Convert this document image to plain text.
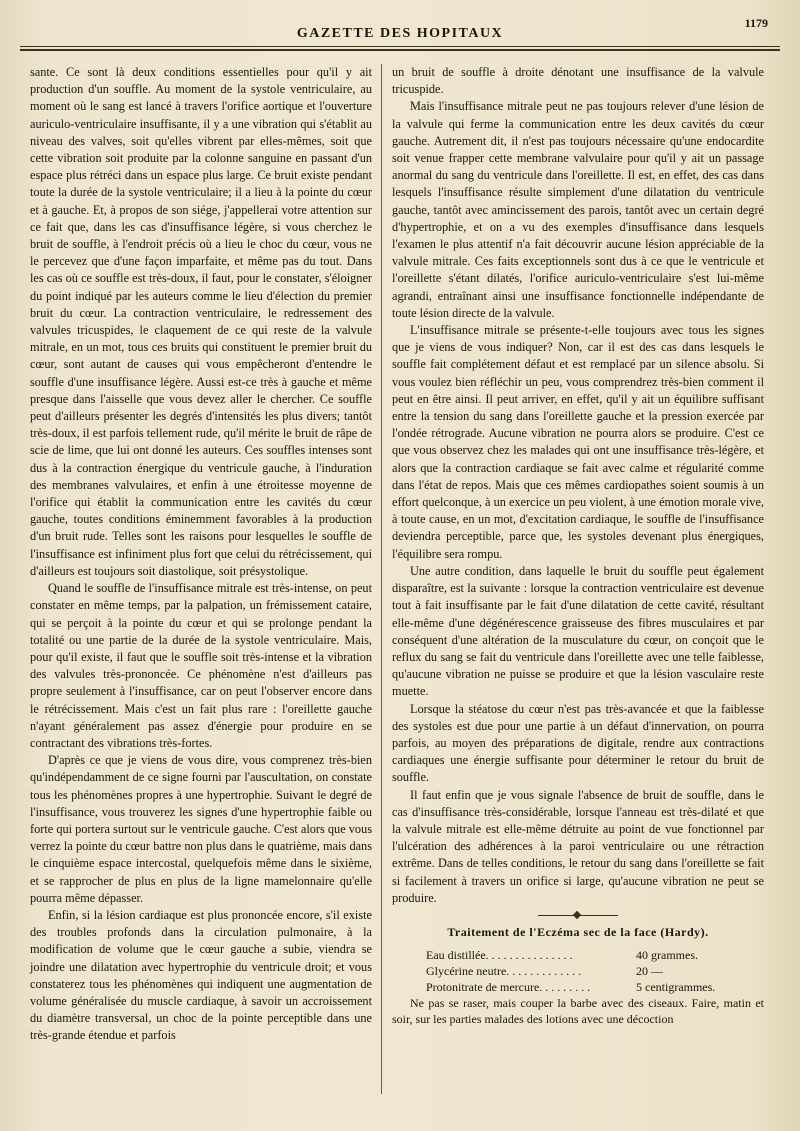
GAZETTE DES HOPITAUX
1179

sante. Ce sont là deux conditions essentielles pour qu'il y ait production d'un souffle. Au moment de la systole ventriculaire, au moment où le sang est lancé à travers l'orifice aortique et l'ouverture auriculo-ventriculaire insuffisante, il y a une vibration qui s'établit au niveau des valves, soit qu'elles vibrent par elles-mêmes, soit que cette vibration soit produite par la colonne sanguine en passant d'un espace plus rétréci dans un espace plus large. Ce bruit existe pendant toute la durée de la systole ventriculaire; il a lieu à la pointe du cœur et à gauche. Et, à propos de son siége, j'appellerai votre attention sur ce fait que, dans les cas d'insuffisance légère, si vous cherchez le bruit de souffle, à l'endroit précis où a lieu le choc du cœur, vous ne le percevez que d'une façon imparfaite, et même pas du tout. Dans les cas où ce souffle est très-doux, il faut, pour le constater, s'éloigner du point indiqué par les auteurs comme le lieu d'élection du premier bruit du cœur. La contraction ventriculaire, le redressement des valvules tricuspides, le claquement de ce qui reste de la valvule mitrale, en un mot, tous ces bruits qui constituent le premier bruit du cœur, sont autant de causes qui vous empêcheront d'entendre le souffle d'une insuffisance légère. Aussi est-ce très à gauche et même presque dans l'aisselle que vous devez aller le chercher. Ce souffle peut d'ailleurs présenter les degrés d'intensités les plus divers; tantôt très-doux, il est parfois tellement rude, qu'il mérite le bruit de râpe de scie de lime, que lui ont donné les auteurs. Ces souffles intenses sont dus à la contraction énergique du ventricule gauche, à l'induration des membranes valvulaires, et enfin à une étroitesse moyenne de l'orifice qui établit la communication entre les cavités du cœur gauche, toutes conditions éminemment favorables à la production d'un bruit rude. Telles sont les raisons pour lesquelles le souffle de l'insuffisance est infiniment plus fort que celui du rétrécissement, qui d'ailleurs est toujours soit diastolique, soit présystolique.

Quand le souffle de l'insuffisance mitrale est très-intense, on peut constater en même temps, par la palpation, un frémissement cataire, qui se perçoit à la pointe du cœur et qui se prolonge pendant la totalité ou une partie de la durée de la systole ventriculaire. Mais, pour qu'il existe, il faut que le souffle soit très-intense et la vibration des valvules très-prononcée. Ce phénomène n'est d'ailleurs pas propre seulement à l'insuffisance, car on peut l'observer encore dans le rétrécissement. Mais c'est un fait plus rare : l'oreillette gauche n'ayant généralement pas assez d'énergie pour produire en se contractant des vibrations très-fortes.

D'après ce que je viens de vous dire, vous comprenez très-bien qu'indépendamment de ce signe fourni par l'auscultation, on constate tous les phénomènes propres à une hypertrophie. Suivant le degré de l'insuffisance, vous trouverez les signes d'une hypertrophie faible ou forte qui portera surtout sur le ventricule gauche. C'est alors que vous verrez la pointe du cœur battre non plus dans le quatrième, mais dans le cinquième espace intercostal, quelquefois même dans le sixième, et se rapprocher de plus en plus de la ligne mamelonnaire qu'elle pourra même dépasser.

Enfin, si la lésion cardiaque est plus prononcée encore, s'il existe des troubles profonds dans la circulation pulmonaire, à la modification de volume que le cœur gauche a subie, viendra se joindre une dilatation avec hypertrophie du ventricule droit; et vous constaterez tous les phénomènes qui indiquent une augmentation de volume généralisée du muscle cardiaque, à savoir un accroissement du diamètre transversal, un choc de la pointe perceptible dans une très-grande étendue et parfois

un bruit de souffle à droite dénotant une insuffisance de la valvule tricuspide.

Mais l'insuffisance mitrale peut ne pas toujours relever d'une lésion de la valvule qui ferme la communication entre les deux cavités du cœur gauche. Autrement dit, il n'est pas toujours nécessaire qu'une endocardite soit venue frapper cette membrane valvulaire pour qu'il y ait un passage anormal du sang du ventricule dans l'oreillette. Il est, en effet, des cas dans lesquels l'insuffisance résulte simplement d'une dilatation du ventricule gauche, tantôt avec amincissement des parois, tantôt avec un certain degré d'hypertrophie, et on a vu des exemples d'insuffisance dans lesquels l'examen le plus attentif n'a fait découvrir aucune lésion appréciable de la valvule mitrale. Ces faits exceptionnels sont dus à ce que le ventricule et l'oreillette s'étant dilatés, l'orifice auriculo-ventriculaire s'est lui-même agrandi, entraînant ainsi une insuffisance fonctionnelle indépendante de toute lésion directe de la valvule.

L'insuffisance mitrale se présente-t-elle toujours avec tous les signes que je viens de vous indiquer? Non, car il est des cas dans lesquels le souffle fait complétement défaut et est remplacé par un silence absolu. Si vous voulez bien réfléchir un peu, vous comprendrez très-bien comment il peut en être ainsi. Il peut arriver, en effet, qu'il y ait un équilibre suffisant entre la tension du sang dans l'oreillette gauche et la pression exercée par l'ondée rétrograde. Aucune vibration ne pourra alors se produire. C'est ce que vous observez chez les malades qui ont une insuffisance très-légère, et alors que la contraction cardiaque se fait avec calme et régularité comme dans l'état de repos. Mais que ces mêmes cardiopathes soient soumis à un effort quelconque, à un exercice un peu violent, à une émotion morale vive, à toute cause, en un mot, d'excitation cardiaque, le souffle de l'insuffisance deviendra perceptible, parce que, les systoles devenant plus énergiques, l'équilibre sera rompu.

Une autre condition, dans laquelle le bruit du souffle peut également disparaître, est la suivante : lorsque la contraction ventriculaire est devenue tout à fait insuffisante par le fait d'une dilatation de cette cavité, résultant elle-même d'une dégénérescence graisseuse des fibres musculaires et par conséquent d'une altération de la musculature du cœur, on conçoit que le reflux du sang se fait du ventricule dans l'oreillette avec une telle faiblesse, qu'aucune vibration ne puisse se produire et que la lésion vasculaire reste muette.

Lorsque la stéatose du cœur n'est pas très-avancée et que la faiblesse des systoles est due pour une partie à un défaut d'innervation, on pourra parfois, au moyen des préparations de digitale, rendre aux contractions cardiaques une énergie suffisante pour déterminer le retour du bruit de souffle.

Il faut enfin que je vous signale l'absence de bruit de souffle, dans le cas d'insuffisance très-considérable, lorsque l'anneau est très-dilaté et que la valvule mitrale est elle-même détruite au point de vue fonctionnel par l'ulcération des adhérences à la paroi ventriculaire ou une rétraction extrême. Dans de telles conditions, le retour du sang dans l'oreillette se fait si facilement à travers un orifice si large, qu'aucune vibration ne peut se produire.

Traitement de l'Eczéma sec de la face (Hardy).
Eau distillée. . . . . . . . . . . . . . .	40 grammes.
Glycérine neutre. . . . . . . . . . . . .	20 —
Protonitrate de mercure. . . . . . . . .	5 centigrammes.

Ne pas se raser, mais couper la barbe avec des ciseaux. Faire, matin et soir, sur les parties malades des lotions avec une décoction
